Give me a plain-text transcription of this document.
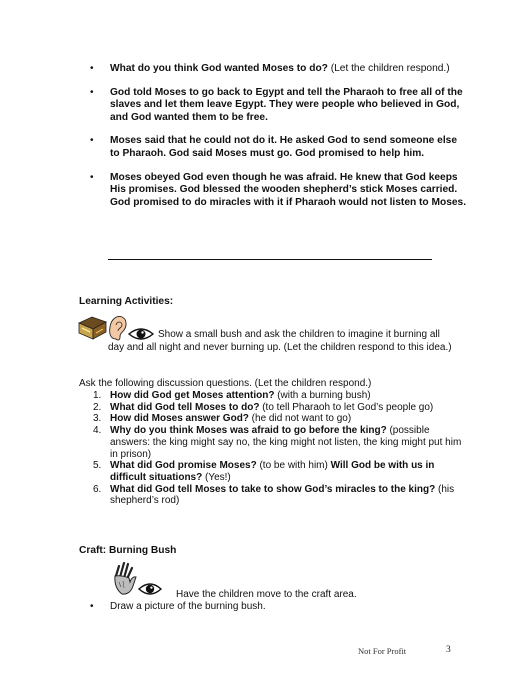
• What do you think God wanted Moses to do? (Let the children respond.)
• God told Moses to go back to Egypt and tell the Pharaoh to free all of the slaves and let them leave Egypt. They were people who believed in God, and God wanted them to be free.
• Moses said that he could not do it. He asked God to send someone else to Pharaoh. God said Moses must go. God promised to help him.
• Moses obeyed God even though he was afraid. He knew that God keeps His promises. God blessed the wooden shepherd’s stick Moses carried. God promised to do miracles with it if Pharaoh would not listen to Moses.
Learning Activities:
Show a small bush and ask the children to imagine it burning all
day and all night and never burning up. (Let the children respond to this idea.)
Ask the following discussion questions. (Let the children respond.)
1. How did God get Moses attention? (with a burning bush)
2. What did God tell Moses to do? (to tell Pharaoh to let God’s people go)
3. How did Moses answer God? (he did not want to go)
4. Why do you think Moses was afraid to go before the king? (possible answers: the king might say no, the king might not listen, the king might put him in prison)
5. What did God promise Moses? (to be with him) Will God be with us in difficult situations? (Yes!)
6. What did God tell Moses to take to show God’s miracles to the king? (his shepherd’s rod)
Craft: Burning Bush
Have the children move to the craft area.
• Draw a picture of the burning bush.
Not For Profit	3
